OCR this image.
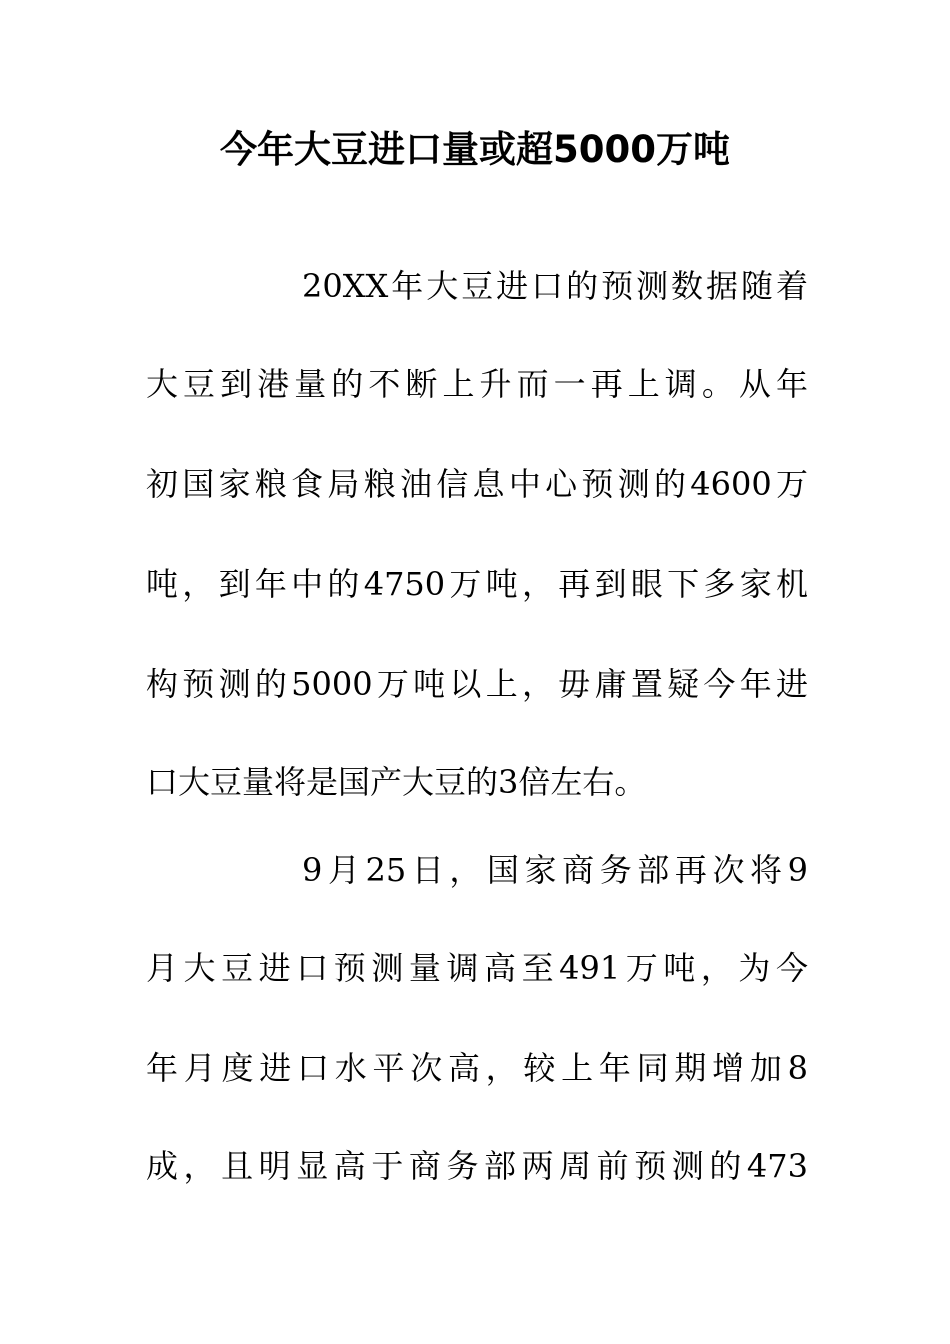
今年大豆进口量或超5000万吨
20XX年大豆进口的预测数据随着
大豆到港量的不断上升而一再上调。从年
初国家粮食局粮油信息中心预测的4600万
吨，到年中的4750万吨，再到眼下多家机
构预测的5000万吨以上，毋庸置疑今年进
口大豆量将是国产大豆的3倍左右。
9月25日，国家商务部再次将9
月大豆进口预测量调高至491万吨，为今
年月度进口水平次高，较上年同期增加8
成，且明显高于商务部两周前预测的473
